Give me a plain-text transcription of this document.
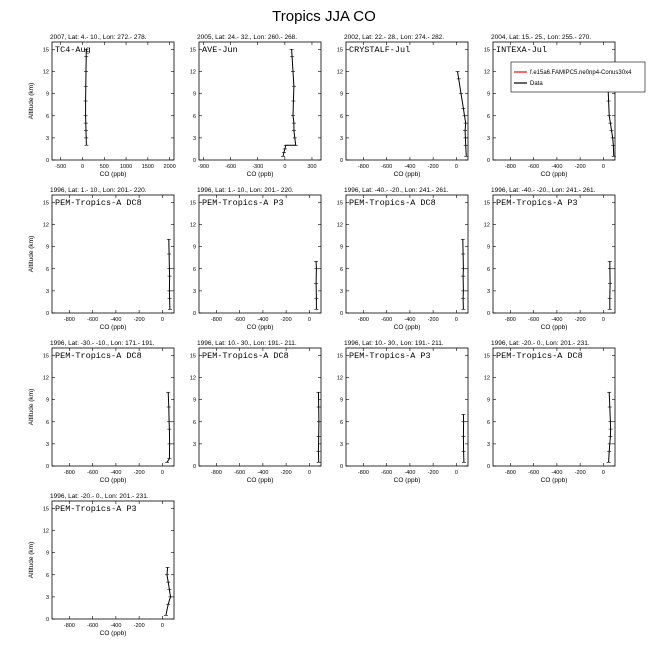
Tropics JJA CO
2007, Lat: 4.- 10., Lon: 272.- 278.
TC4-Aug
-500	0	500 1000 1500 2000
0
3
6
9
12
15
CO (ppb)
Altitude (km)
2005, Lat: 24.- 32., Lon: 260.- 268.
AVE-Jun
-900	-600	-300	0	300
0
3
6
9
12
15
CO (ppb)
2002, Lat: 22.- 28., Lon: 274.- 282.
CRYSTALF-Jul
-800 -600 -400 -200	0
0
3
6
9
12
15
CO (ppb)
2004, Lat: 15.- 25., Lon: 255.- 270.
INTEXA-Jul
-800 -600 -400 -200	0
0
3
6
9
12
15
CO (ppb)
1996, Lat: 1.- 10., Lon: 201.- 220.
PEM-Tropics-A DC8
-800 -600 -400 -200	0
0
3
6
9
12
15
CO (ppb)
Altitude (km)
1996, Lat: 1.- 10., Lon: 201.- 220.
PEM-Tropics-A P3
-800 -600 -400 -200	0
0
3
6
9
12
15
CO (ppb)
1996, Lat: -40.- -20., Lon: 241.- 261.
PEM-Tropics-A DC8
-800 -600 -400 -200	0
0
3
6
9
12
15
CO (ppb)
1996, Lat: -40.- -20., Lon: 241.- 261.
PEM-Tropics-A P3
-800 -600 -400 -200	0
0
3
6
9
12
15
CO (ppb)
1996, Lat: -30.- -10., Lon: 171.- 191.
PEM-Tropics-A DC8
-800 -600 -400 -200	0
0
3
6
9
12
15
CO (ppb)
Altitude (km)
1996, Lat: 10.- 30., Lon: 191.- 211.
PEM-Tropics-A DC8
-800 -600 -400 -200	0
0
3
6
9
12
15
CO (ppb)
1996, Lat: 10.- 30., Lon: 191.- 211.
PEM-Tropics-A P3
-800 -600 -400 -200	0
0
3
6
9
12
15
CO (ppb)
1996, Lat: -20.- 0., Lon: 201.- 231.
PEM-Tropics-A DC8
-800 -600 -400 -200	0
0
3
6
9
12
15
CO (ppb)
1996, Lat: -20.- 0., Lon: 201.- 231.
PEM-Tropics-A P3
-800 -600 -400 -200	0
0
3
6
9
12
15
CO (ppb)
Altitude (km)
f.e15a6.FAMIPC5.ne0np4-Conus30x4
Data
